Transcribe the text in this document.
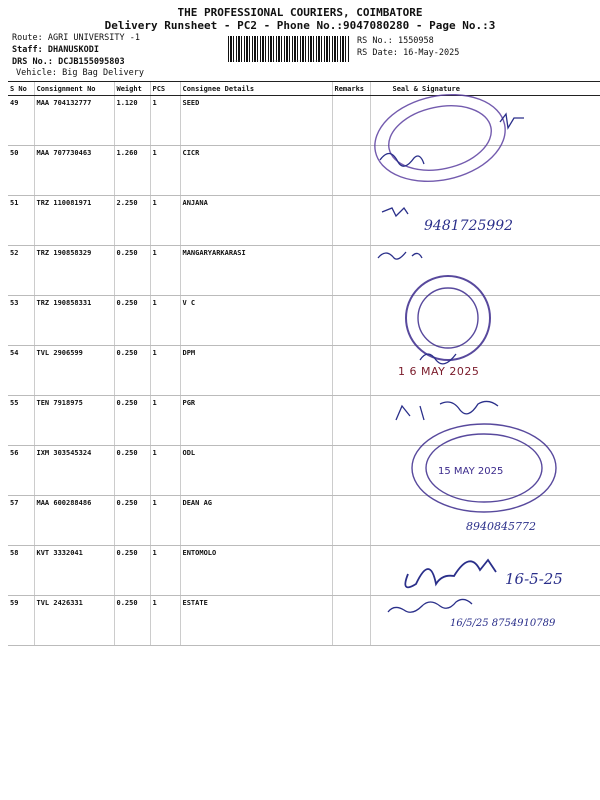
THE PROFESSIONAL COURIERS, COIMBATORE
Delivery Runsheet - PC2 - Phone No.:9047080280 - Page No.:3
Route: AGRI UNIVERSITY -1
Staff: DHANUSKODI
DRS No.: DCJB155095803
Vehicle: Big Bag Delivery
RS No.: 1550958
RS Date: 16-May-2025
S No	Consignment No	Weight	PCS	Consignee Details	Remarks	Seal & Signature
49	MAA 704132777	1.120	1	SEED		
50	MAA 707730463	1.260	1	CICR		
51	TRZ 110081971	2.250	1	ANJANA		
52	TRZ 190858329	0.250	1	MANGARYARKARASI		
53	TRZ 190858331	0.250	1	V C		
54	TVL 2906599	0.250	1	DPM		
55	TEN 7918975	0.250	1	PGR		
56	IXM 303545324	0.250	1	ODL		
57	MAA 600288486	0.250	1	DEAN AG		
58	KVT 3332041	0.250	1	ENTOMOLO		
59	TVL 2426331	0.250	1	ESTATE		
1 6 MAY 2025
15 MAY 2025
9481725992
8940845772
16-5-25
16/5/25 8754910789
